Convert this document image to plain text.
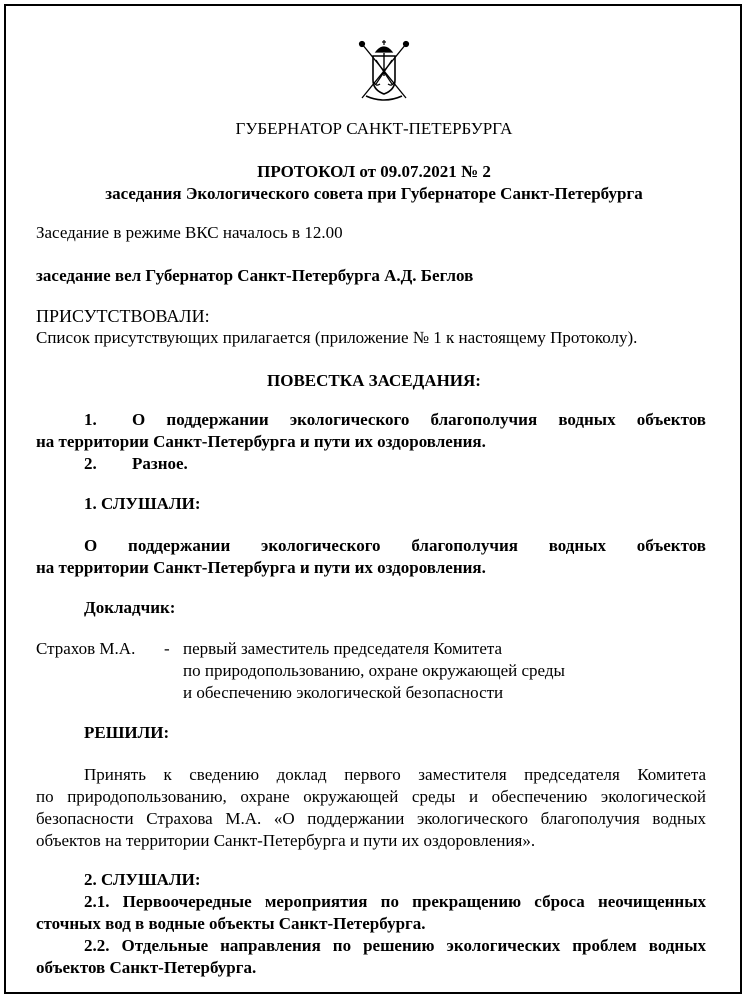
ГУБЕРНАТОР САНКТ-ПЕТЕРБУРГА
ПРОТОКОЛ от 09.07.2021 № 2
заседания Экологического совета при Губернаторе Санкт-Петербурга
Заседание в режиме ВКС началось в 12.00
заседание вел Губернатор Санкт-Петербурга А.Д. Беглов
ПРИСУТСТВОВАЛИ:
Список присутствующих прилагается (приложение № 1 к настоящему Протоколу).
ПОВЕСТКА ЗАСЕДАНИЯ:
1. О поддержании экологического благополучия водных объектов
на территории Санкт-Петербурга и пути их оздоровления.
2. Разное.
1. СЛУШАЛИ:
О поддержании экологического благополучия водных объектов
на территории Санкт-Петербурга и пути их оздоровления.
Докладчик:
Страхов М.А. - первый заместитель председателя Комитета
по природопользованию, охране окружающей среды
и обеспечению экологической безопасности
РЕШИЛИ:
Принять к сведению доклад первого заместителя председателя Комитета
по природопользованию, охране окружающей среды и обеспечению экологической
безопасности Страхова М.А. «О поддержании экологического благополучия водных
объектов на территории Санкт-Петербурга и пути их оздоровления».
2. СЛУШАЛИ:
2.1. Первоочередные мероприятия по прекращению сброса неочищенных
сточных вод в водные объекты Санкт-Петербурга.
2.2. Отдельные направления по решению экологических проблем водных
объектов Санкт-Петербурга.
